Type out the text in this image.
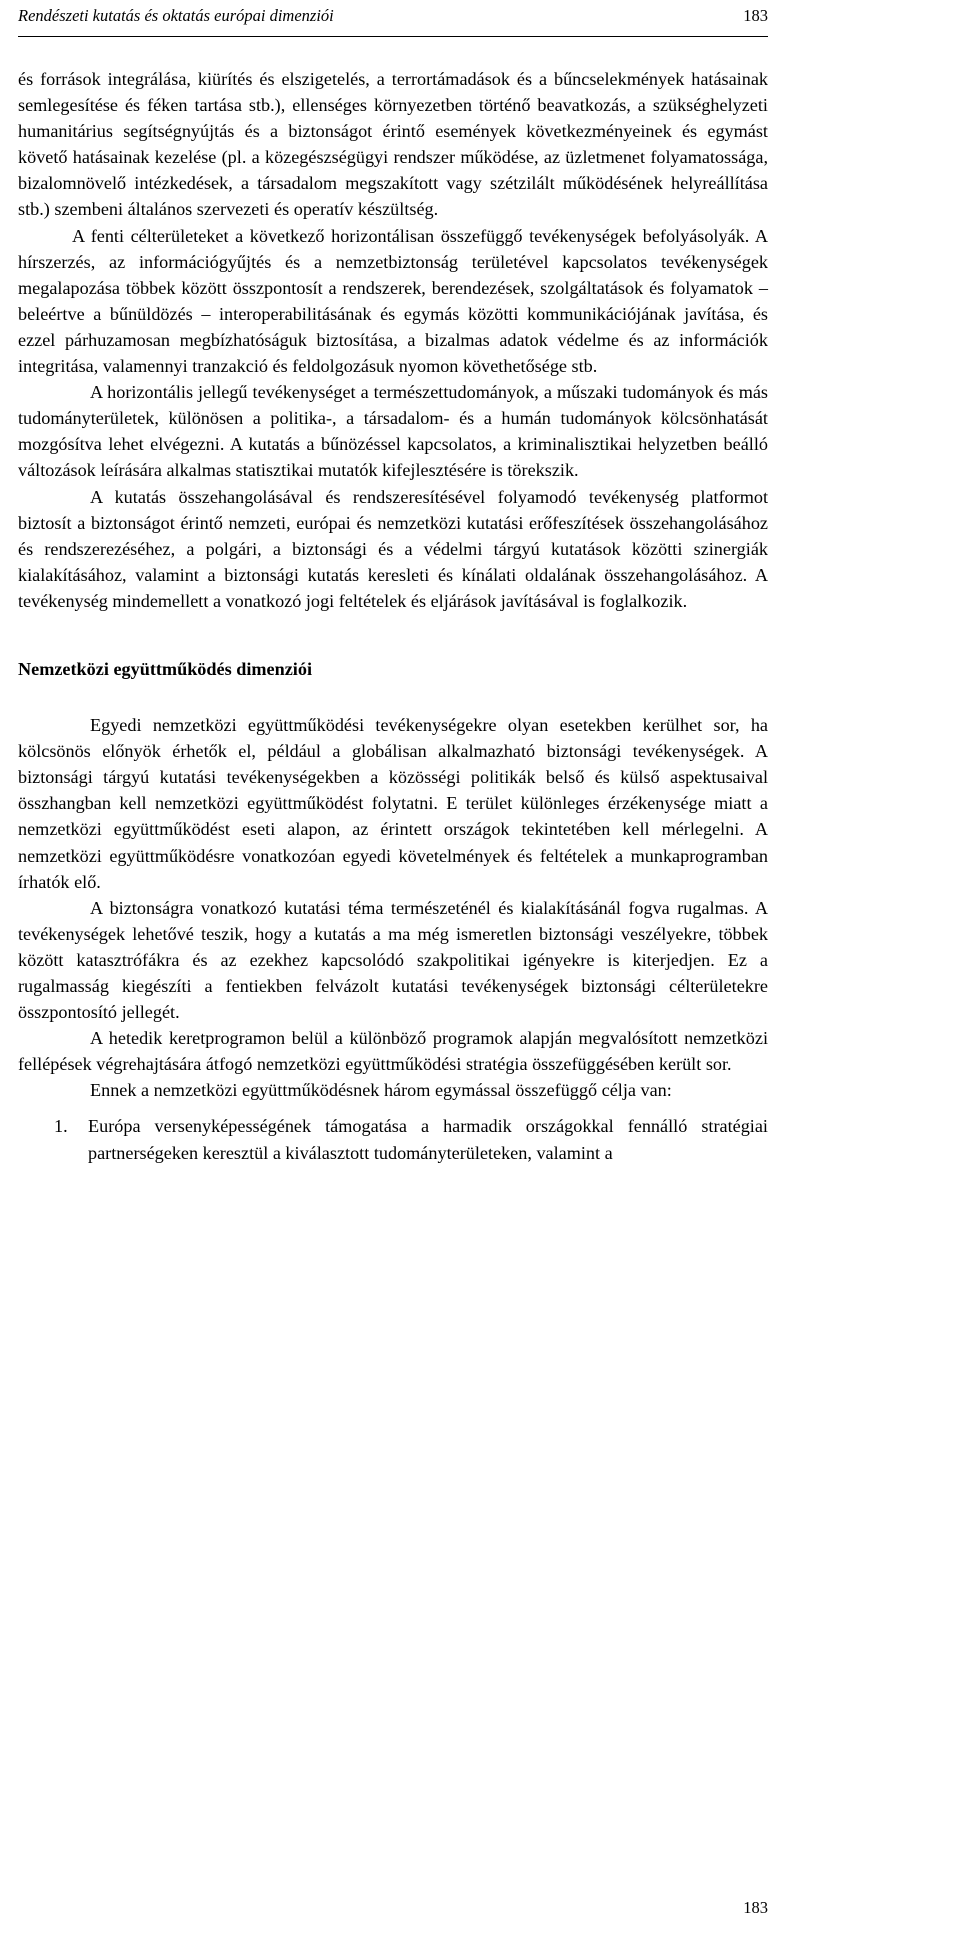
Rendészeti kutatás és oktatás európai dimenziói	183

és források integrálása, kiürítés és elszigetelés, a terrortámadások és a bűncselekmények hatásainak semlegesítése és féken tartása stb.), ellenséges környezetben történő beavatkozás, a szükséghelyzeti humanitárius segítségnyújtás és a biztonságot érintő események következményeinek és egymást követő hatásainak kezelése (pl. a közegészségügyi rendszer működése, az üzletmenet folyamatossága, bizalomnövelő intézkedések, a társadalom megszakított vagy szétzilált működésének helyreállítása stb.) szembeni általános szervezeti és operatív készültség.

A fenti célterületeket a következő horizontálisan összefüggő tevékenységek befolyásolyák. A hírszerzés, az információgyűjtés és a nemzetbiztonság területével kapcsolatos tevékenységek megalapozása többek között összpontosít a rendszerek, berendezések, szolgáltatások és folyamatok – beleértve a bűnüldözés – interoperabilitásának és egymás közötti kommunikációjának javítása, és ezzel párhuzamosan megbízhatóságuk biztosítása, a bizalmas adatok védelme és az információk integritása, valamennyi tranzakció és feldolgozásuk nyomon követhetősége stb.

A horizontális jellegű tevékenységet a természettudományok, a műszaki tudományok és más tudományterületek, különösen a politika-, a társadalom- és a humán tudományok kölcsönhatását mozgósítva lehet elvégezni. A kutatás a bűnözéssel kapcsolatos, a kriminalisztikai helyzetben beálló változások leírására alkalmas statisztikai mutatók kifejlesztésére is törekszik.

A kutatás összehangolásával és rendszeresítésével folyamodó tevékenység platformot biztosít a biztonságot érintő nemzeti, európai és nemzetközi kutatási erőfeszítések összehangolásához és rendszerezéséhez, a polgári, a biztonsági és a védelmi tárgyú kutatások közötti szinergiák kialakításához, valamint a biztonsági kutatás keresleti és kínálati oldalának összehangolásához. A tevékenység mindemellett a vonatkozó jogi feltételek és eljárások javításával is foglalkozik.

Nemzetközi együttműködés dimenziói

Egyedi nemzetközi együttműködési tevékenységekre olyan esetekben kerülhet sor, ha kölcsönös előnyök érhetők el, például a globálisan alkalmazható biztonsági tevékenységek. A biztonsági tárgyú kutatási tevékenységekben a közösségi politikák belső és külső aspektusaival összhangban kell nemzetközi együttműködést folytatni. E terület különleges érzékenysége miatt a nemzetközi együttműködést eseti alapon, az érintett országok tekintetében kell mérlegelni. A nemzetközi együttműködésre vonatkozóan egyedi követelmények és feltételek a munkaprogramban írhatók elő.

A biztonságra vonatkozó kutatási téma természeténél és kialakításánál fogva rugalmas. A tevékenységek lehetővé teszik, hogy a kutatás a ma még ismeretlen biztonsági veszélyekre, többek között katasztrófákra és az ezekhez kapcsolódó szakpolitikai igényekre is kiterjedjen. Ez a rugalmasság kiegészíti a fentiekben felvázolt kutatási tevékenységek biztonsági célterületekre összpontosító jellegét.

A hetedik keretprogramon belül a különböző programok alapján megvalósított nemzetközi fellépések végrehajtására átfogó nemzetközi együttműködési stratégia összefüggésében került sor.

Ennek a nemzetközi együttműködésnek három egymással összefüggő célja van:

1. Európa versenyképességének támogatása a harmadik országokkal fennálló stratégiai partnerségeken keresztül a kiválasztott tudományterületeken, valamint a
183
